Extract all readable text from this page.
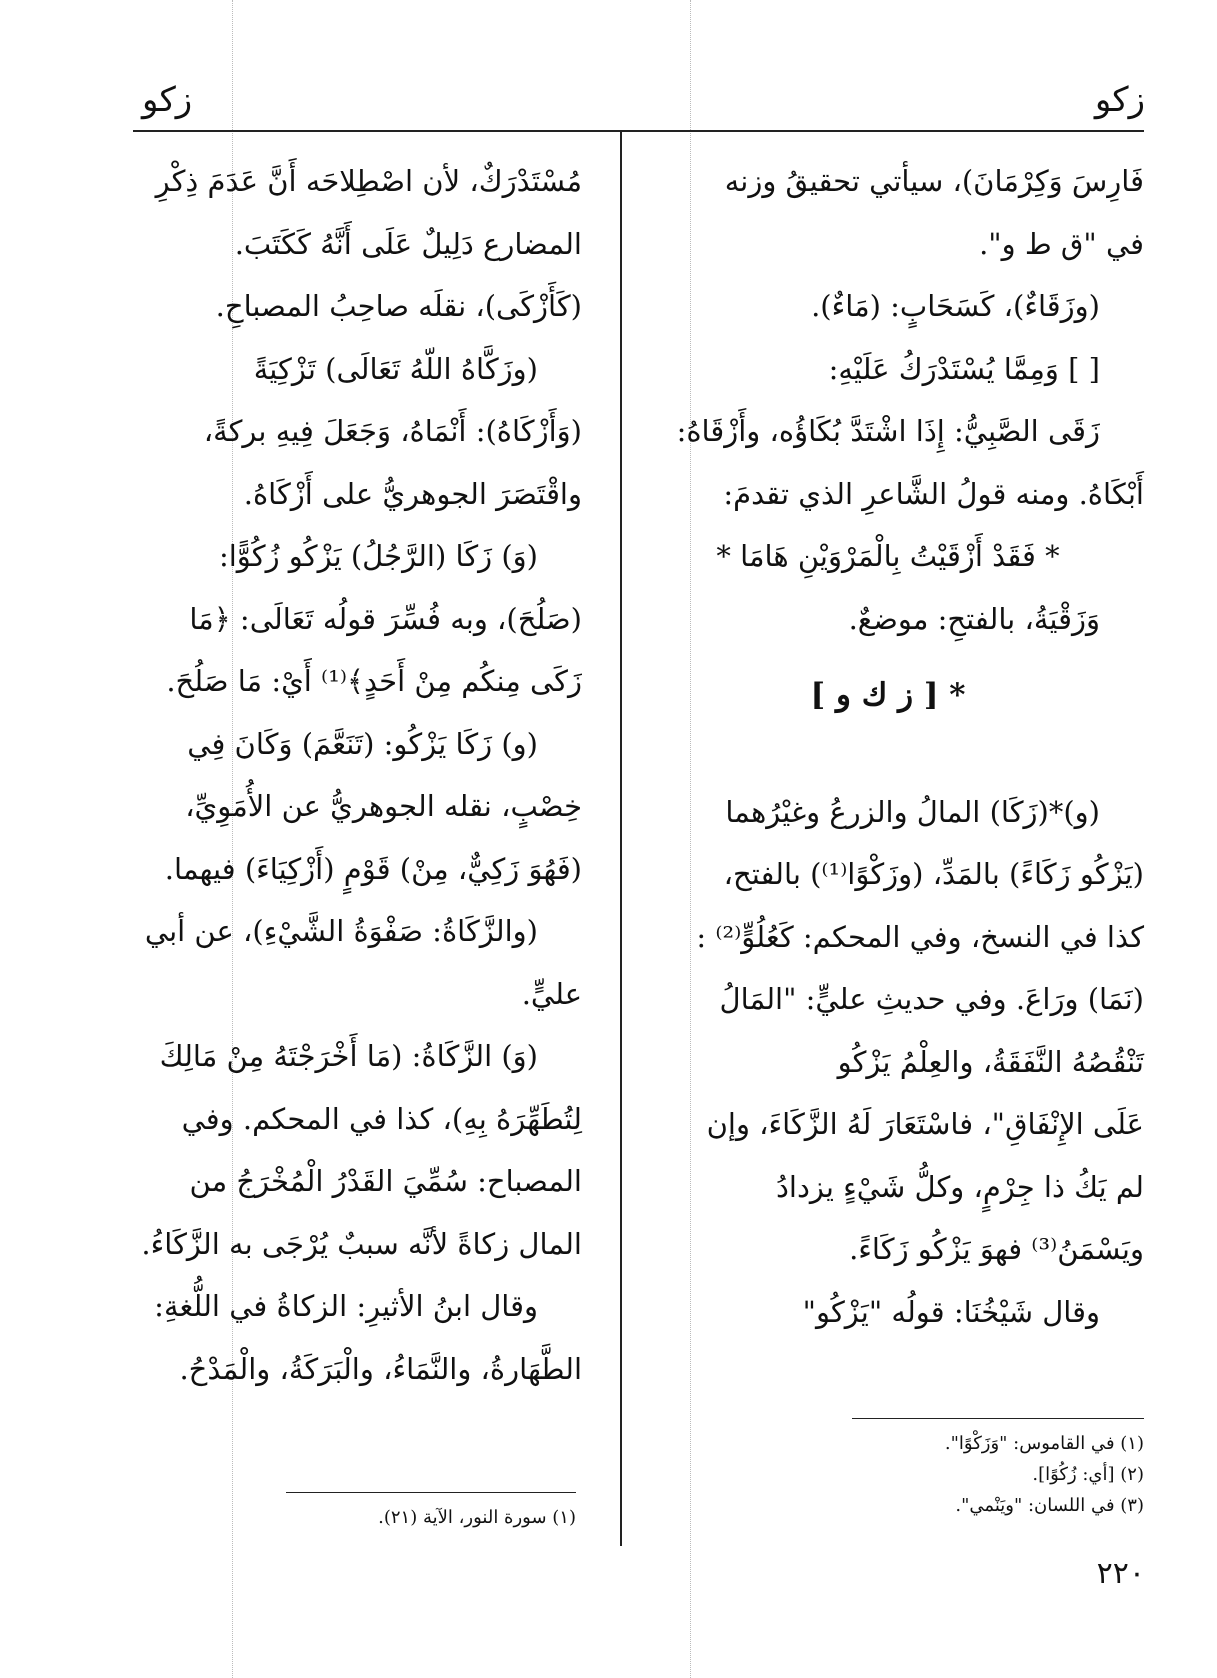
زكو
زكو

فَارِسَ وَكِرْمَانَ)، سيأتي تحقيقُ وزنه

في "ق ط و".

(وزَقَاءٌ)، كَسَحَابٍ: (مَاءٌ).

[ ] وَمِمَّا يُسْتَدْرَكُ عَلَيْهِ:

زَقَى الصَّبِيُّ: إِذَا اشْتَدَّ بُكَاؤُه، وأَزْقَاهُ:

أَبْكَاهُ. ومنه قولُ الشَّاعرِ الذي تقدمَ:

* فَقَدْ أَزْقَيْتُ بِالْمَرْوَيْنِ هَامَا *

وَزَقْيَةُ، بالفتحِ: موضعٌ.

* [ ز ك و ]

(و)*(زَكَا) المالُ والزرعُ وغيْرُهما

(يَزْكُو زَكَاءً) بالمَدِّ، (وزَكْوًا⁽¹⁾) بالفتح،

كذا في النسخ، وفي المحكم: كَعُلُوٍّ⁽²⁾ :

(نَمَا) ورَاعَ. وفي حديثِ عليٍّ: "المَالُ

تَنْقُصُهُ النَّفَقَةُ، والعِلْمُ يَزْكُو

عَلَى الإِنْفَاقِ"، فاسْتَعَارَ لَهُ الزَّكَاءَ، وإن

لم يَكُ ذا جِرْمٍ، وكلُّ شَيْءٍ يزدادُ

ويَسْمَنُ⁽³⁾ فهوَ يَزْكُو زَكَاءً.

وقال شَيْخُنَا: قولُه "يَزْكُو"

مُسْتَدْرَكٌ، لأن اصْطِلاحَه أَنَّ عَدَمَ ذِكْرِ

المضارع دَلِيلٌ عَلَى أَنَّهُ كَكَتَبَ.

(كَأَزْكَى)، نقلَه صاحِبُ المصباحِ.

(وزَكَّاهُ اللّهُ تَعَالَى) تَزْكِيَةً

(وَأَزْكَاهُ): أَنْمَاهُ، وَجَعَلَ فِيهِ بركةً،

واقْتَصَرَ الجوهريُّ على أَزْكَاهُ.

(وَ) زَكَا (الرَّجُلُ) يَزْكُو زُكُوًّا:

(صَلُحَ)، وبه فُسِّرَ قولُه تَعَالَى: ﴿مَا

زَكَى مِنكُم مِنْ أَحَدٍ﴾⁽¹⁾ أَيْ: مَا صَلُحَ.

(و) زَكَا يَزْكُو: (تَنَعَّمَ) وَكَانَ فِي

خِصْبٍ، نقله الجوهريُّ عن الأُمَوِيِّ،

(فَهُوَ زَكِيٌّ، مِنْ) قَوْمٍ (أَزْكِيَاءَ) فيهما.

(والزَّكَاةُ: صَفْوَةُ الشَّيْءِ)، عن أبي

عليٍّ.

(وَ) الزَّكَاةُ: (مَا أَخْرَجْتَهُ مِنْ مَالِكَ

لِتُطَهِّرَهُ بِهِ)، كذا في المحكم. وفي

المصباح: سُمِّيَ القَدْرُ الْمُخْرَجُ من

المال زكاةً لأنَّه سببٌ يُرْجَى به الزَّكَاءُ.

وقال ابنُ الأثيرِ: الزكاةُ في اللُّغةِ:

الطَّهَارةُ، والنَّمَاءُ، والْبَرَكَةُ، والْمَدْحُ.

(١) في القاموس: "وَزَكْوًا".
(٢) [أي: زُكُوًا].
(٣) في اللسان: "ويَنْمي".
(١) سورة النور، الآية (٢١).
٢٢٠
